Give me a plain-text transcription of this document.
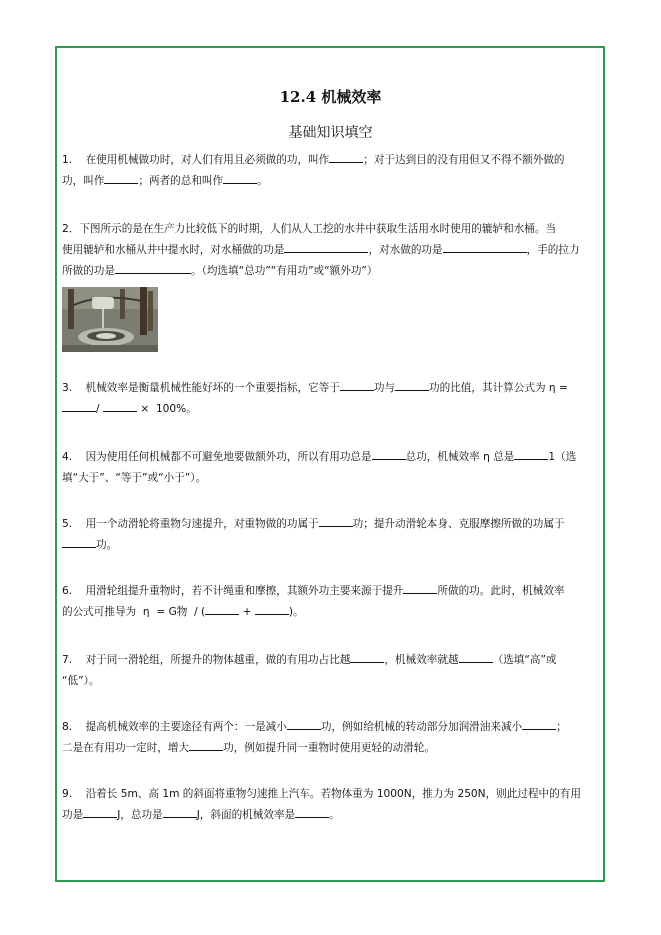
12.4 机械效率
基础知识填空
1.    在使用机械做功时，对人们有用且必须做的功，叫作	；对于达到目的没有用但又不得不额外做的
功，叫作	；两者的总和叫作	。
2．下图所示的是在生产力比较低下的时期，人们从人工挖的水井中获取生活用水时使用的辘轳和水桶。当
使用辘轳和水桶从井中提水时，对水桶做的功是	，对水做的功是	，手的拉力
所做的功是	。（均选填“总功”“有用功”或“额外功”）
3.    机械效率是衡量机械性能好坏的一个重要指标，它等于	功与	功的比值，其计算公式为 η =
/	×  100%。
4.    因为使用任何机械都不可避免地要做额外功，所以有用功总是	总功，机械效率 η 总是	1（选
填“大于”、“等于”或“小于”）。
5.    用一个动滑轮将重物匀速提升，对重物做的功属于	功；提升动滑轮本身、克服摩擦所做的功属于
功。
6.    用滑轮组提升重物时，若不计绳重和摩擦，其额外功主要来源于提升	所做的功。此时，机械效率
的公式可推导为  η  = G物  / (	+	)。
7.    对于同一滑轮组，所提升的物体越重，做的有用功占比越	，机械效率就越	（选填“高”或
“低”）。
8.    提高机械效率的主要途径有两个：一是减小	功，例如给机械的转动部分加润滑油来减小	；
二是在有用功一定时，增大	功，例如提升同一重物时使用更轻的动滑轮。
9.    沿着长 5m、高 1m 的斜面将重物匀速推上汽车。若物体重为 1000N，推力为 250N，则此过程中的有用
功是	J，总功是	J，斜面的机械效率是	。
